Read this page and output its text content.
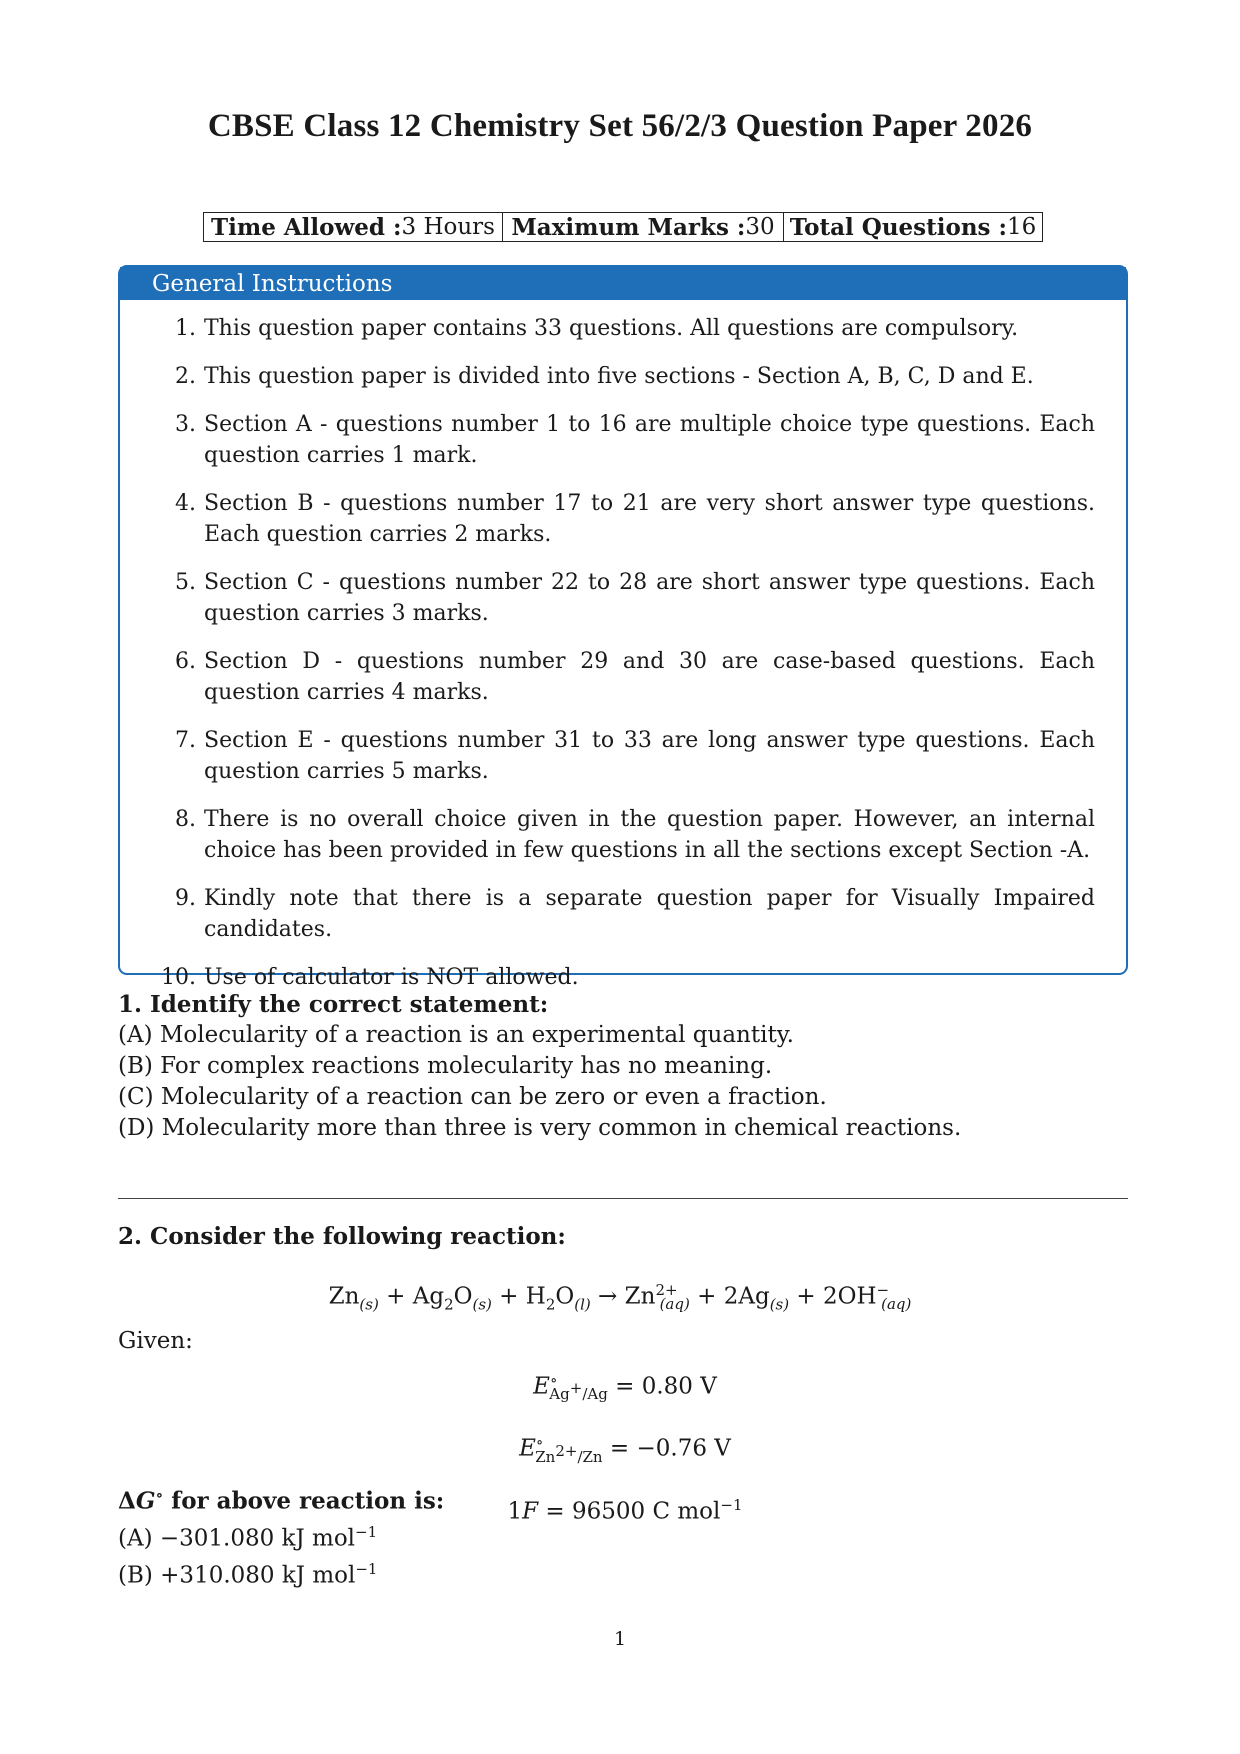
CBSE Class 12 Chemistry Set 56/2/3 Question Paper 2026
Time Allowed : 3 Hours Maximum Marks : 30 Total Questions : 16
General Instructions
1. This question paper contains 33 questions. All questions are compulsory.
2. This question paper is divided into five sections - Section A, B, C, D and E.
3. Section A - questions number 1 to 16 are multiple choice type questions. Each question carries 1 mark.
4. Section B - questions number 17 to 21 are very short answer type questions. Each question carries 2 marks.
5. Section C - questions number 22 to 28 are short answer type questions. Each question carries 3 marks.
6. Section D - questions number 29 and 30 are case-based questions. Each question carries 4 marks.
7. Section E - questions number 31 to 33 are long answer type questions. Each question carries 5 marks.
8. There is no overall choice given in the question paper. However, an internal choice has been provided in few questions in all the sections except Section -A.
9. Kindly note that there is a separate question paper for Visually Impaired candidates.
10. Use of calculator is NOT allowed.
1. Identify the correct statement:
(A) Molecularity of a reaction is an experimental quantity.
(B) For complex reactions molecularity has no meaning.
(C) Molecularity of a reaction can be zero or even a fraction.
(D) Molecularity more than three is very common in chemical reactions.
2. Consider the following reaction:
$Zn_{(s)} + Ag_2O_{(s)} + H_2O_{(l)} \to Zn^{2+}_{(aq)} + 2Ag_{(s)} + 2OH^-_{(aq)}$
Given:
$E^\circ_{Ag^+/Ag} = 0.80$ V
$E^\circ_{Zn^{2+}/Zn} = -0.76$ V
1F = 96500 C mol$^{-1}$
ΔG∘ for above reaction is:
(A) −301.080 kJ mol$^{-1}$
(B) +310.080 kJ mol$^{-1}$
1
